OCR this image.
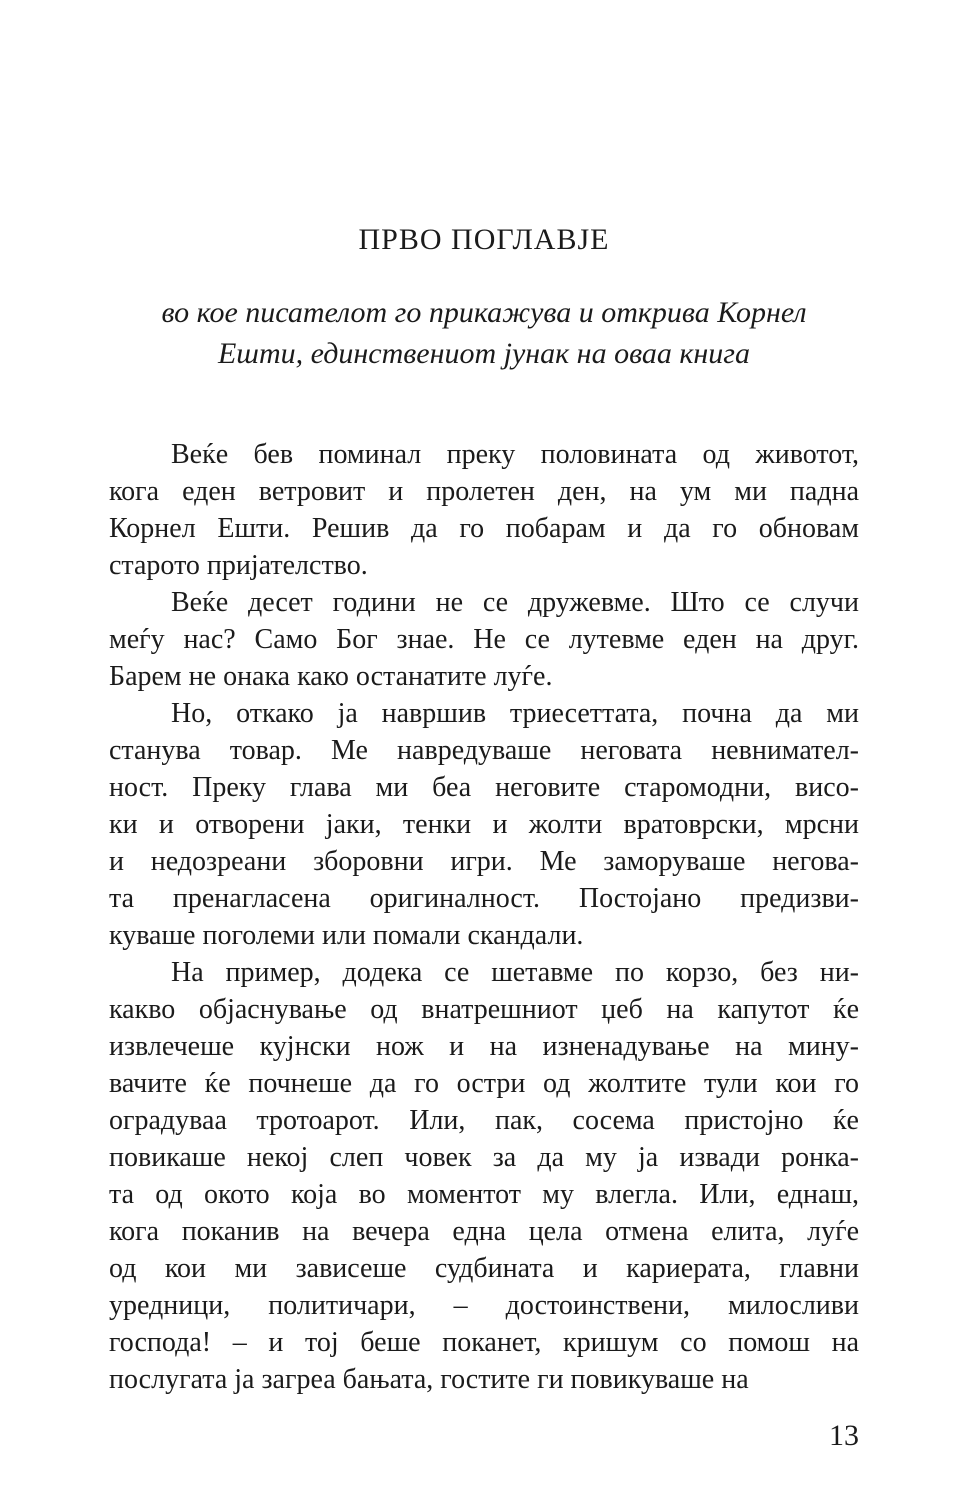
ПРВО ПОГЛАВЈЕ
во кое писателот го прикажува и открива Корнел
Ешти, единствениот јунак на оваа книга
Веќе бев поминал преку половината од животот,
кога еден ветровит и пролетен ден, на ум ми падна
Корнел Ешти. Решив да го побарам и да го обновам
старото пријателство.
Веќе десет години не се дружевме. Што се случи
меѓу нас? Само Бог знае. Не се лутевме еден на друг.
Барем не онака како останатите луѓе.
Но, откако ја навршив триесеттата, почна да ми
станува товар. Ме навредуваше неговата невнимател-
ност. Преку глава ми беа неговите старомодни, висо-
ки и отворени јаки, тенки и жолти вратоврски, мрсни
и недозреани зборовни игри. Ме заморуваше негова-
та пренагласена оригиналност. Постојано предизви-
куваше поголеми или помали скандали.
На пример, додека се шетавме по корзо, без ни-
какво објаснување од внатрешниот џеб на капутот ќе
извлечеше кујнски нож и на изненадување на мину-
вачите ќе почнеше да го остри од жолтите тули кои го
оградуваа тротоарот. Или, пак, сосема пристојно ќе
повикаше некој слеп човек за да му ја извади ронка-
та од окото која во моментот му влегла. Или, еднаш,
кога поканив на вечера една цела отмена елита, луѓе
од кои ми зависеше судбината и кариерата, главни
уредници, политичари, – достоинствени, милосливи
господа! – и тој беше поканет, кришум со помош на
послугата ја загреа бањата, гостите ги повикуваше на
13
